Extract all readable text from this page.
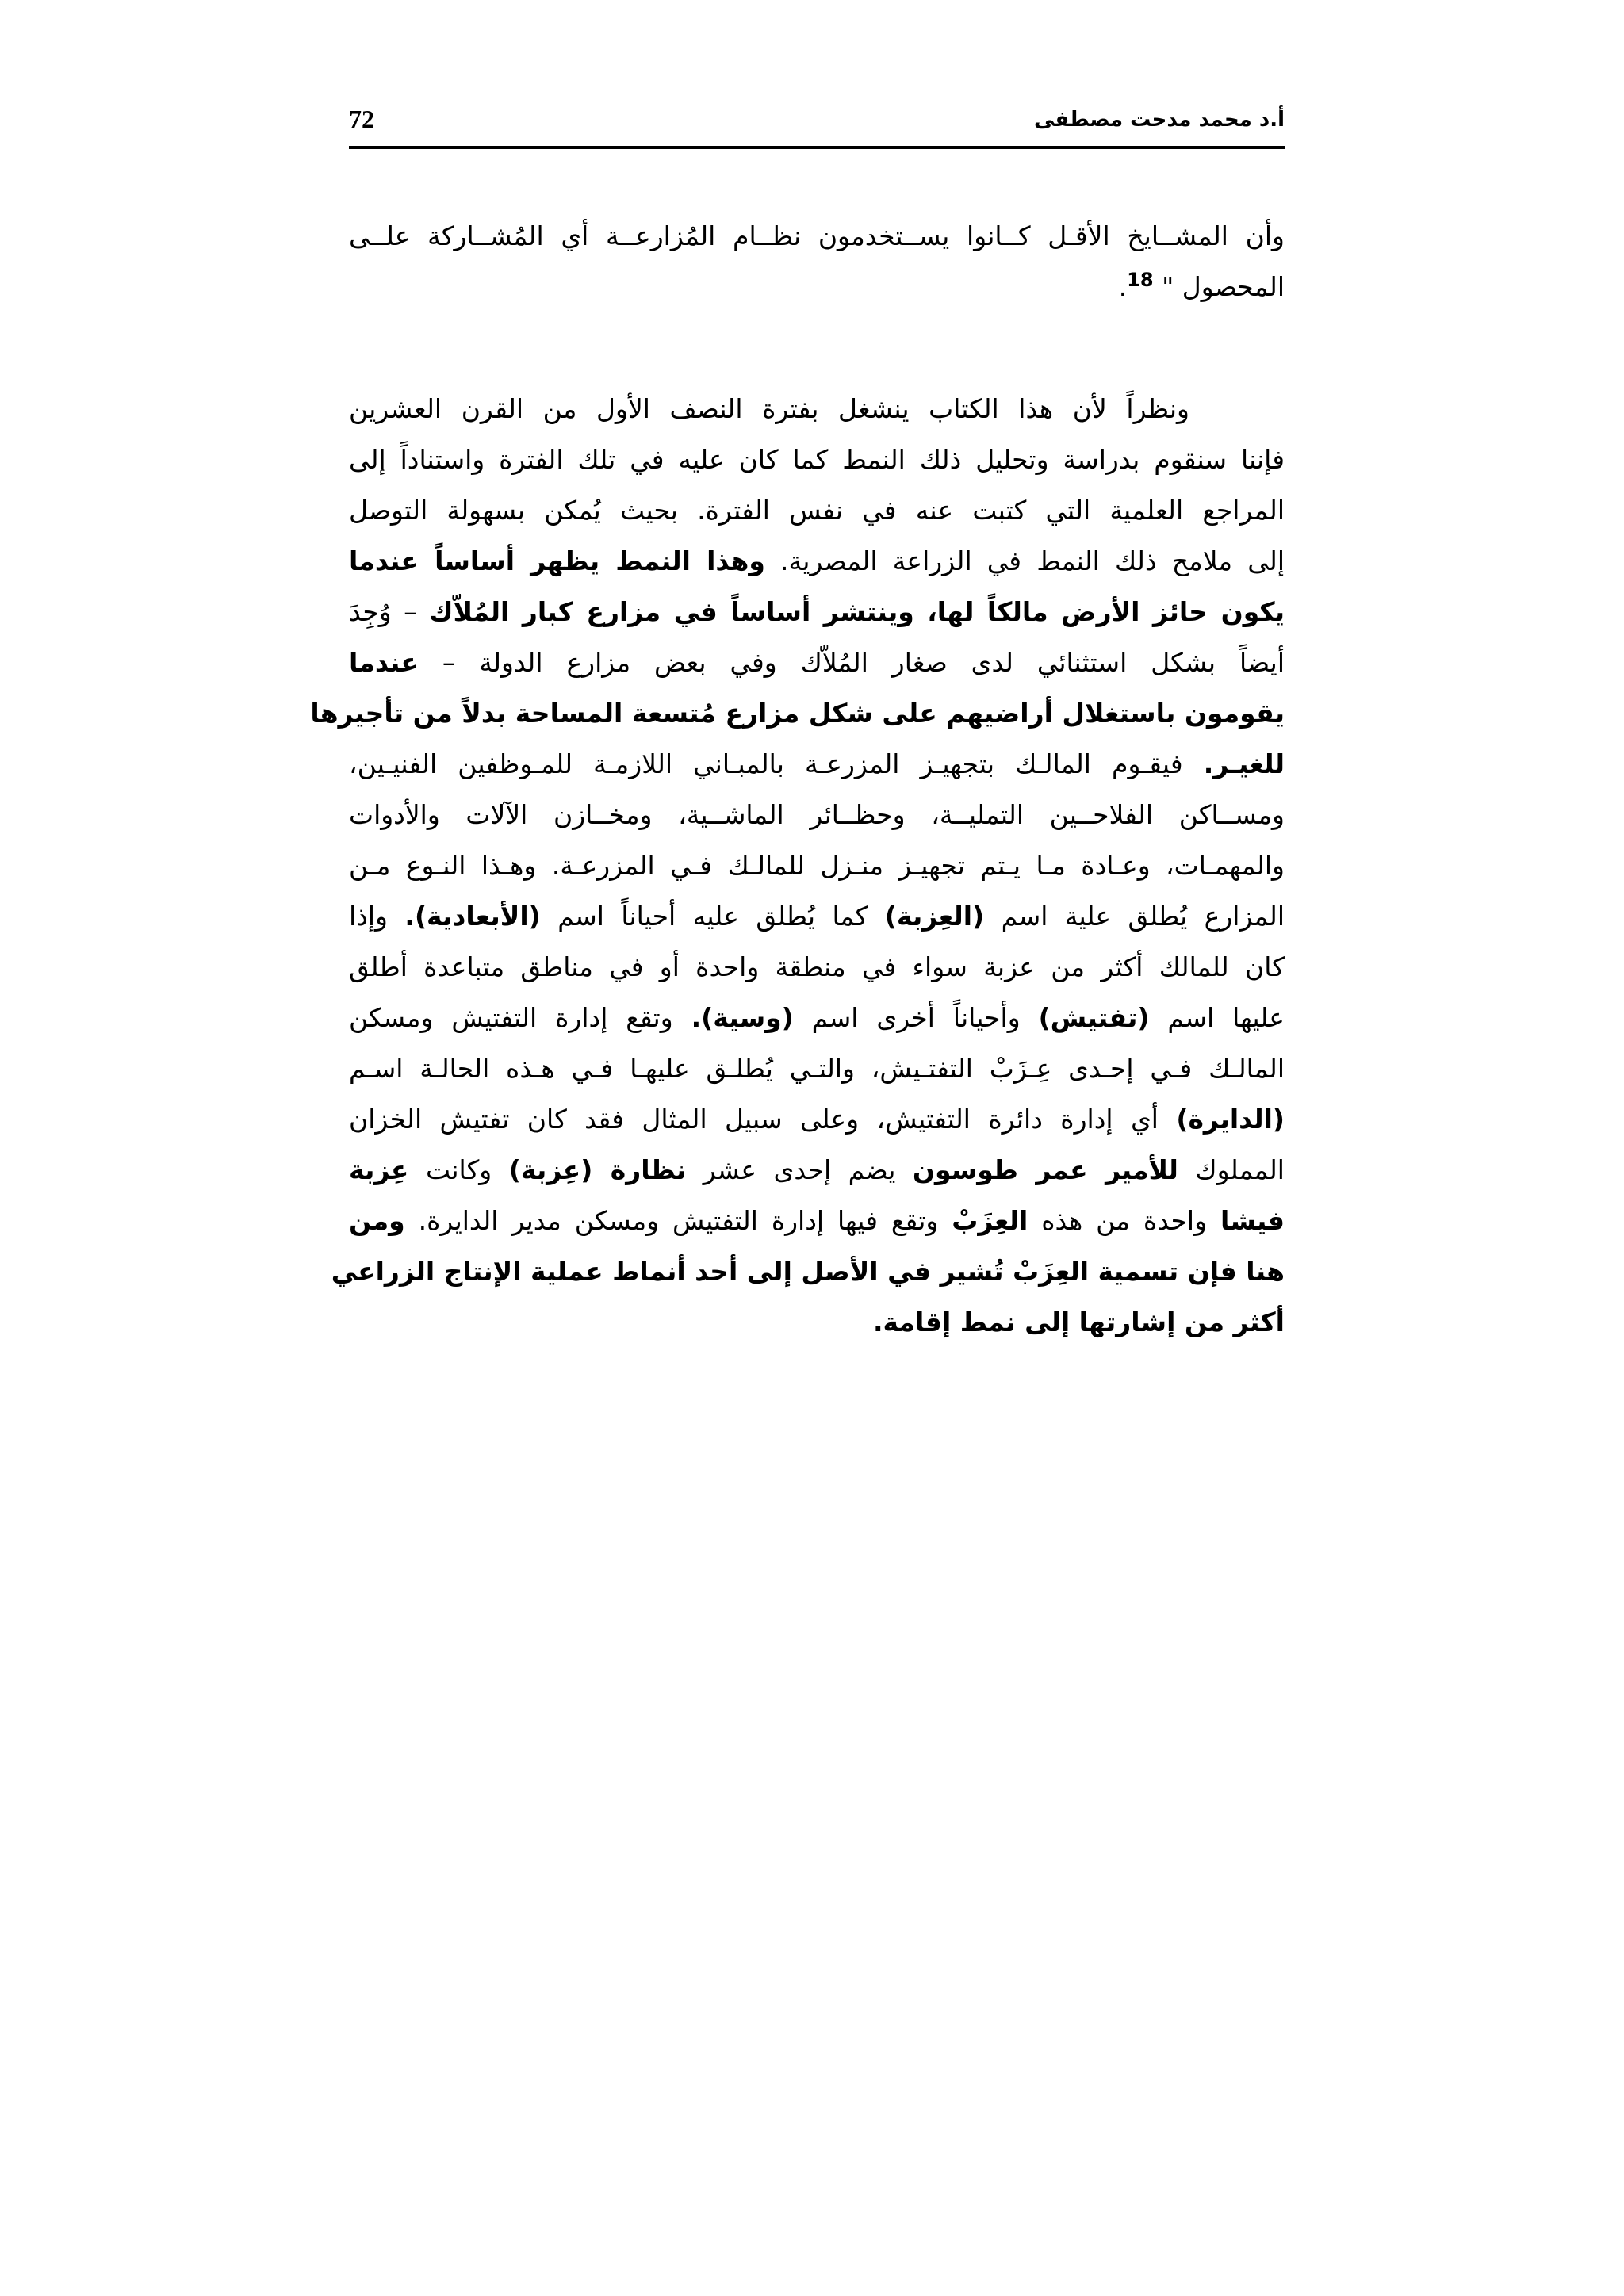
أ.د محمد مدحت مصطفى
72
وأن المشــايخ الأقـل كــانوا يســتخدمون نظــام المُزارعــة أي المُشــاركة علــى
المحصول " $^{18}$.
ونظراً لأن هذا الكتاب ينشغل بفترة النصف الأول من القرن العشرين
فإننا سنقوم بدراسة وتحليل ذلك النمط كما كان عليه في تلك الفترة واستناداً إلى
المراجع العلمية التي كتبت عنه في نفس الفترة. بحيث يُمكن بسهولة التوصل
إلى ملامح ذلك النمط في الزراعة المصرية. وهذا النمط يظهر أساساً عندما
يكون حائز الأرض مالكاً لها، وينتشر أساساً في مزارع كبار المُلاّك – وُجِدَ
أيضاً بشكل استثنائي لدى صغار المُلاّك وفي بعض مزارع الدولة – عندما
يقومون باستغلال أراضيهم على شكل مزارع مُتسعة المساحة بدلاً من تأجيرها
للغيـر. فيقـوم المالـك بتجهيـز المزرعـة بالمبـاني اللازمـة للمـوظفين الفنيـين،
ومســاكن الفلاحــين التمليــة، وحظــائر الماشــية، ومخــازن الآلات والأدوات
والمهمـات، وعـادة مـا يـتم تجهيـز منـزل للمالـك فـي المزرعـة. وهـذا النـوع مـن
المزارع يُطلق علية اسم (العِزبة) كما يُطلق عليه أحياناً اسم (الأبعادية). وإذا
كان للمالك أكثر من عزبة سواء في منطقة واحدة أو في مناطق متباعدة أطلق
عليها اسم (تفتيش) وأحياناً أخرى اسم (وسية). وتقع إدارة التفتيش ومسكن
المالـك فـي إحـدى عِـزَبْ التفتـيش، والتـي يُطلـق عليهـا فـي هـذه الحالـة اسـم
(الدايرة) أي إدارة دائرة التفتيش، وعلى سبيل المثال فقد كان تفتيش الخزان
المملوك للأمير عمر طوسون يضم إحدى عشر نظارة (عِزبة) وكانت عِزبة
فيشا واحدة من هذه العِزَبْ وتقع فيها إدارة التفتيش ومسكن مدير الدايرة. ومن
هنا فإن تسمية العِزَبْ تُشير في الأصل إلى أحد أنماط عملية الإنتاج الزراعي
أكثر من إشارتها إلى نمط إقامة.
